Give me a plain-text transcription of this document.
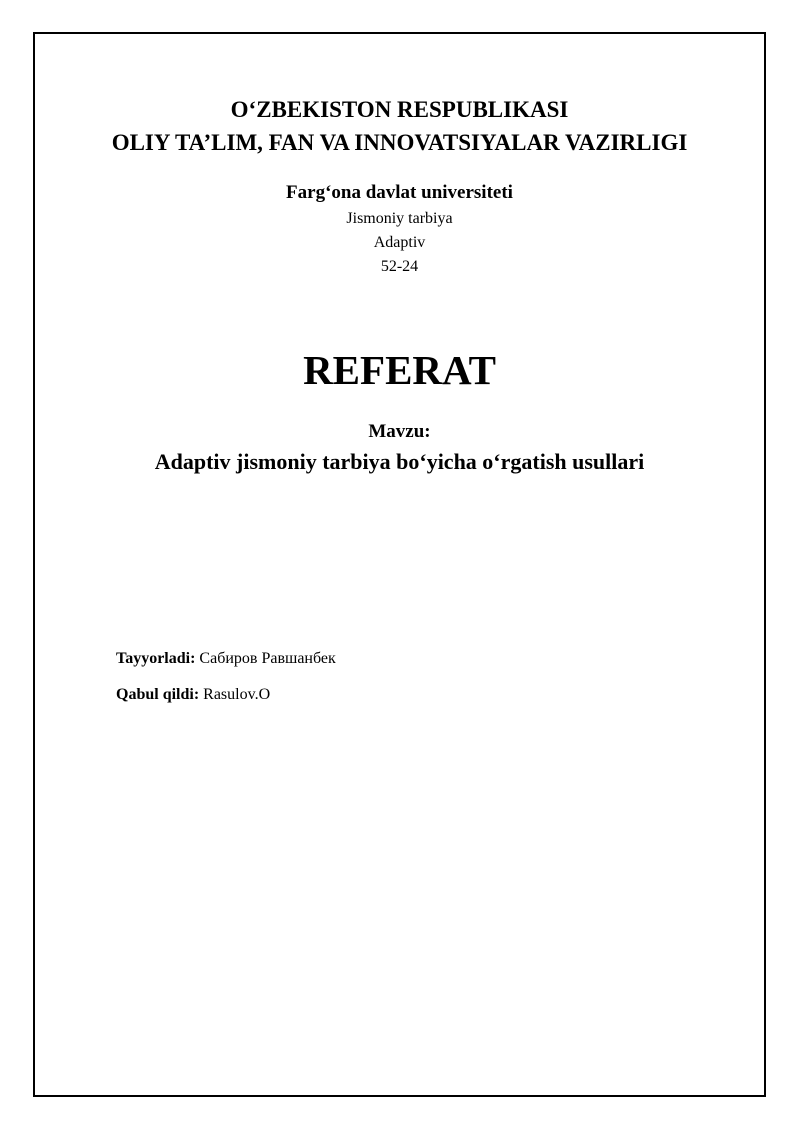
O‘ZBEKISTON RESPUBLIKASI
OLIY TA’LIM, FAN VA INNOVATSIYALAR VAZIRLIGI
Farg‘ona davlat universiteti
Jismoniy tarbiya
Adaptiv
52-24
REFERAT
Mavzu:
Adaptiv jismoniy tarbiya bo‘yicha o‘rgatish usullari
Tayyorladi: Сабиров Равшанбек
Qabul qildi: Rasulov.O
